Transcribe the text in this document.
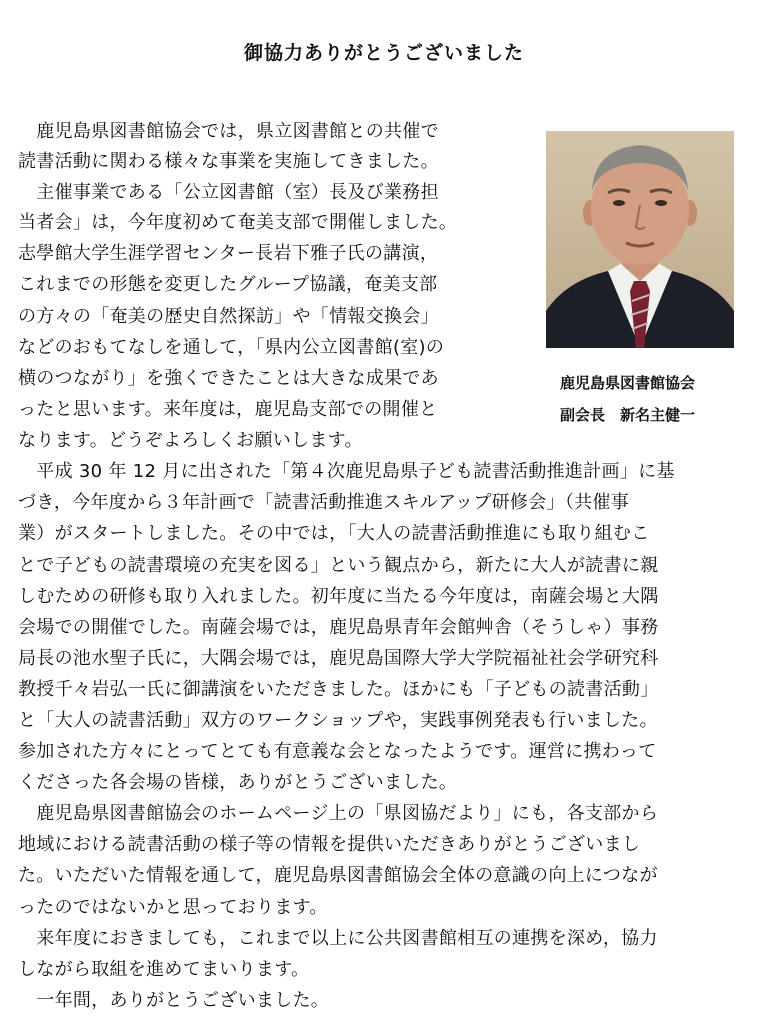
御協力ありがとうございました
鹿児島県図書館協会
副会長　新名主健一
　鹿児島県図書館協会では，県立図書館との共催で
読書活動に関わる様々な事業を実施してきました。
　主催事業である「公立図書館（室）長及び業務担
当者会」は，今年度初めて奄美支部で開催しました。
志學館大学生涯学習センター長岩下雅子氏の講演，
これまでの形態を変更したグループ協議，奄美支部
の方々の「奄美の歴史自然探訪」や「情報交換会」
などのおもてなしを通して，「県内公立図書館(室)の
横のつながり」を強くできたことは大きな成果であ
ったと思います。来年度は，鹿児島支部での開催と
なります。どうぞよろしくお願いします。
　平成 30 年 12 月に出された「第４次鹿児島県子ども読書活動推進計画」に基
づき，今年度から３年計画で「読書活動推進スキルアップ研修会」（共催事
業）がスタートしました。その中では，「大人の読書活動推進にも取り組むこ
とで子どもの読書環境の充実を図る」という観点から，新たに大人が読書に親
しむための研修も取り入れました。初年度に当たる今年度は，南薩会場と大隅
会場での開催でした。南薩会場では，鹿児島県青年会館艸舎（そうしゃ）事務
局長の池水聖子氏に，大隅会場では，鹿児島国際大学大学院福祉社会学研究科
教授千々岩弘一氏に御講演をいただきました。ほかにも「子どもの読書活動」
と「大人の読書活動」双方のワークショップや，実践事例発表も行いました。
参加された方々にとってとても有意義な会となったようです。運営に携わって
くださった各会場の皆様，ありがとうございました。
　鹿児島県図書館協会のホームページ上の「県図協だより」にも，各支部から
地域における読書活動の様子等の情報を提供いただきありがとうございまし
た。いただいた情報を通して，鹿児島県図書館協会全体の意識の向上につなが
ったのではないかと思っております。
　来年度におきましても，これまで以上に公共図書館相互の連携を深め，協力
しながら取組を進めてまいります。
　一年間，ありがとうございました。
